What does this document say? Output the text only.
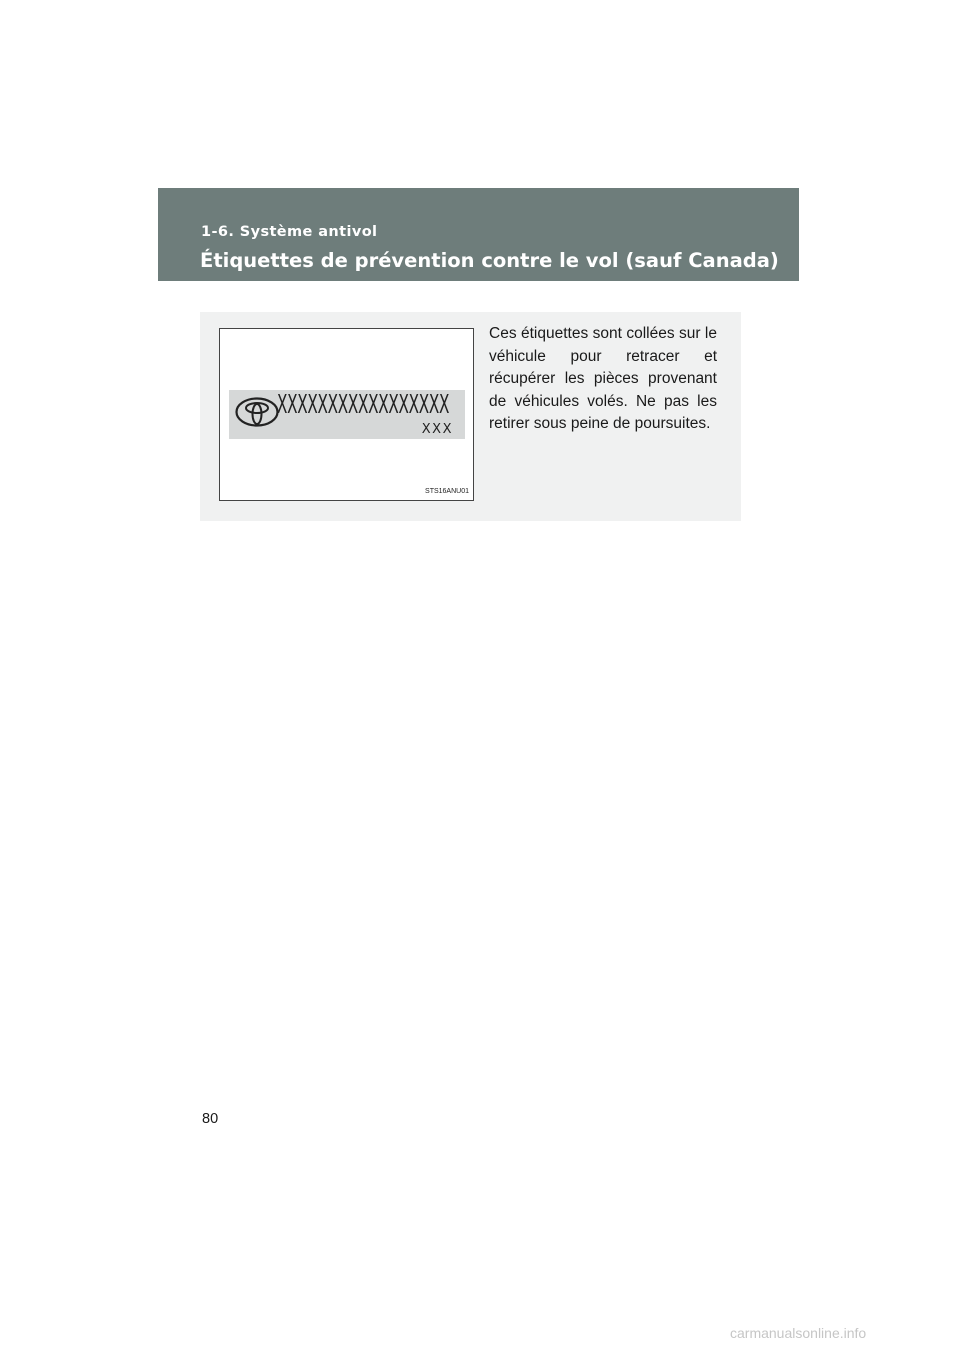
1-6. Système antivol
Étiquettes de prévention contre le vol (sauf Canada)
XXXXXXXXXXXXXXXXX
XXX
STS16ANU01

Ces étiquettes sont collées sur le véhicule pour retracer et récupérer les pièces provenant de véhicules volés. Ne pas les retirer sous peine de poursuites.

80
carmanualsonline.info
